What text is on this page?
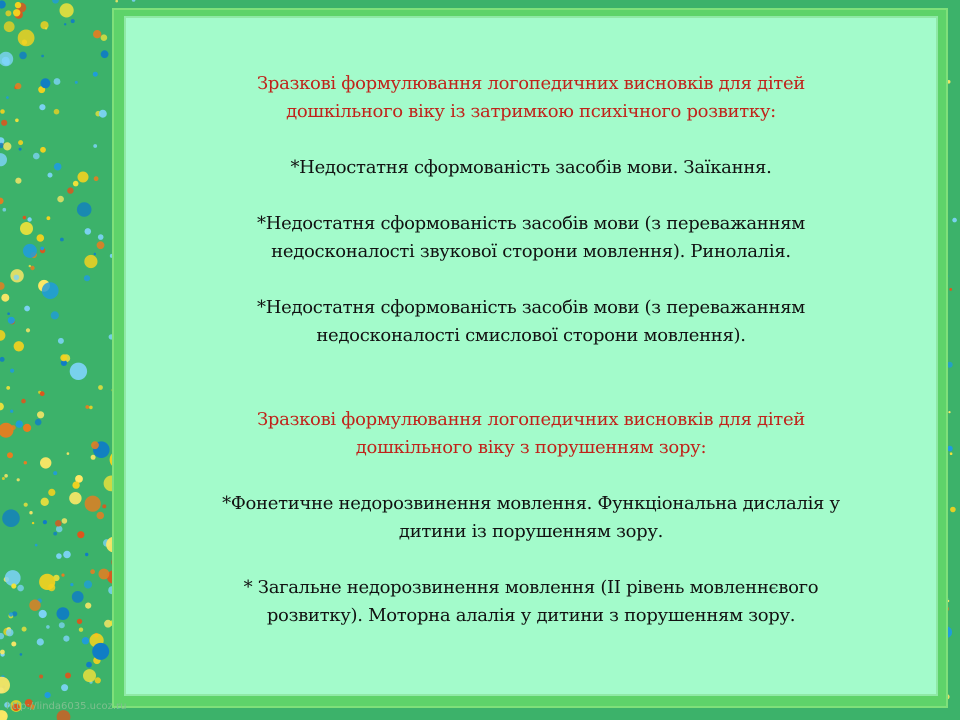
Зразкові формулювання логопедичних висновків для дітей

дошкільного віку із затримкою психічного розвитку:

*Недостатня сформованість засобів мови. Заїкання.

*Недостатня сформованість засобів мови (з переважанням

недосконалості звукової сторони мовлення). Ринолалія.

*Недостатня сформованість засобів мови (з переважанням

недосконалості смислової сторони мовлення).

Зразкові формулювання логопедичних висновків для дітей

дошкільного віку з порушенням зору:

*Фонетичне недорозвинення мовлення. Функціональна дислалія у

дитини із порушенням зору.

* Загальне недорозвинення мовлення (ІІ рівень мовленнєвого

розвитку). Моторна алалія у дитини з порушенням зору.

http://linda6035.ucoz.ru
